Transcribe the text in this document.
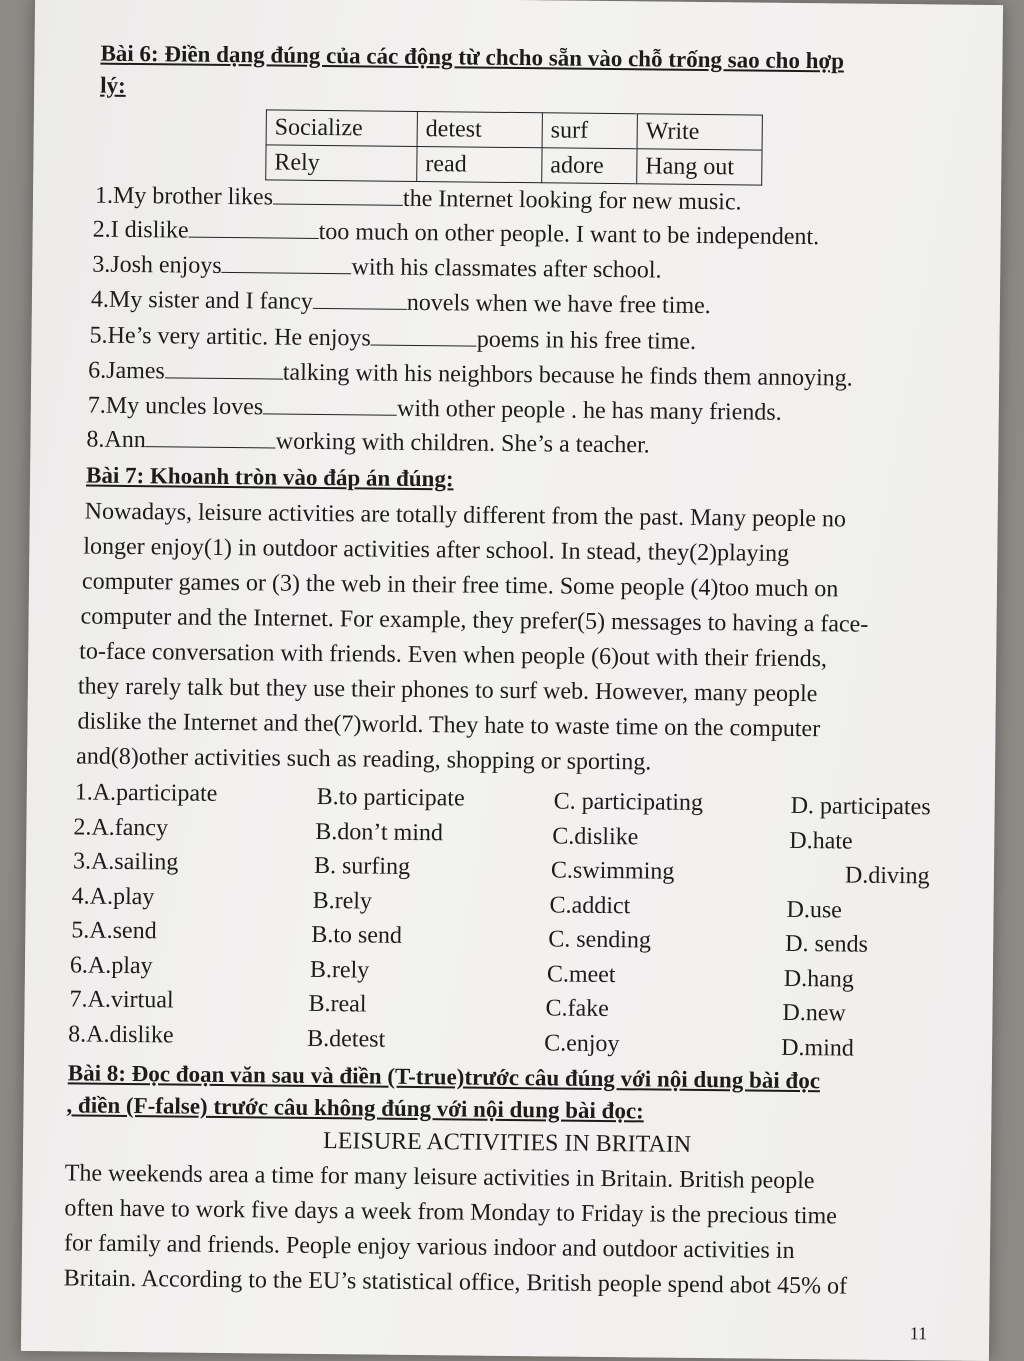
Bài 6: Điền dạng đúng của các động từ chcho sẵn vào chỗ trống sao cho hợp
lý:
Socialize	detest	surf	Write
Rely	read	adore	Hang out
1.My brother likes	the Internet looking for new music.
2.I dislike	too much on other people. I want to be independent.
3.Josh enjoys	with his classmates after school.
4.My sister and I fancy	novels when we have free time.
5.He’s very artitic. He enjoys	poems in his free time.
6.James	talking with his neighbors because he finds them annoying.
7.My uncles loves	with other people . he has many friends.
8.Ann	working with children. She’s a teacher.
Bài 7: Khoanh tròn vào đáp án đúng:
Nowadays, leisure activities are totally different from the past. Many people no
longer enjoy(1) in outdoor activities after school. In stead, they(2)playing
computer games or (3) the web in their free time. Some people (4)too much on
computer and the Internet. For example, they prefer(5) messages to having a face-
to-face conversation with friends. Even when people (6)out with their friends,
they rarely talk but they use their phones to surf web. However, many people
dislike the Internet and the(7)world. They hate to waste time on the computer
and(8)other activities such as reading, shopping or sporting.
1.A.participate	B.to participate	C. participating	D. participates
2.A.fancy	B.don’t mind	C.dislike	D.hate
3.A.sailing	B. surfing	C.swimming	D.diving
4.A.play	B.rely	C.addict	D.use
5.A.send	B.to send	C. sending	D. sends
6.A.play	B.rely	C.meet	D.hang
7.A.virtual	B.real	C.fake	D.new
8.A.dislike	B.detest	C.enjoy	D.mind
Bài 8: Đọc đoạn văn sau và điền (T-true)trước câu đúng với nội dung bài đọc
, điền (F-false) trước câu không đúng với nội dung bài đọc:
LEISURE ACTIVITIES IN BRITAIN
The weekends area a time for many leisure activities in Britain. British people
often have to work five days a week from Monday to Friday is the precious time
for family and friends. People enjoy various indoor and outdoor activities in
Britain. According to the EU’s statistical office, British people spend abot 45% of
11
